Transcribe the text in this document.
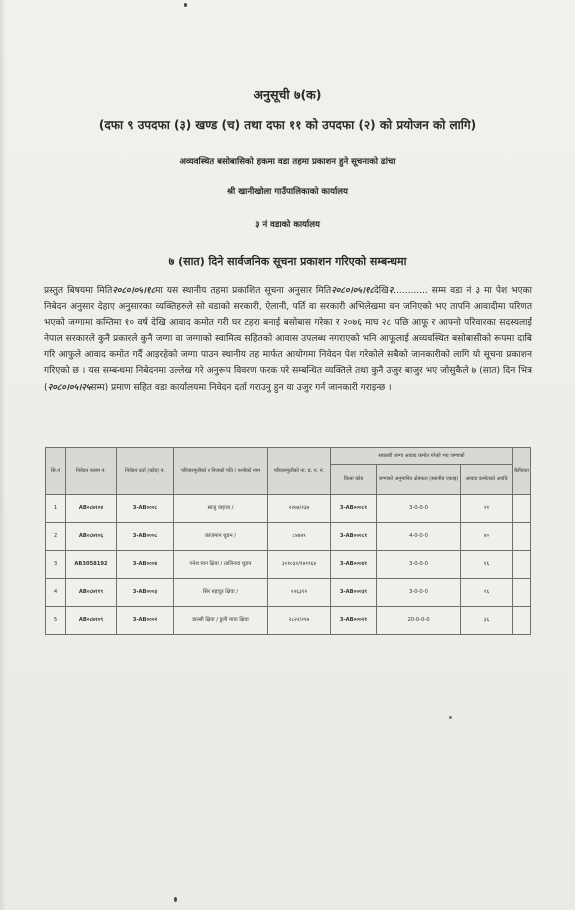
अनुसूची ७(क)
(दफा ९ उपदफा (३) खण्ड (च) तथा दफा ११ को उपदफा (२) को प्रयोजन को लागि)
अव्यवस्थित बसोबासिको हकमा वडा तहमा प्रकाशन हुने सूचनाको ढांचा
श्री खानीखोला गाउँपालिकाको कार्यालय
३ नं वडाको कार्यालय
७ (सात) दिने सार्वजनिक सूचना प्रकाशन गरिएको सम्बन्धमा
प्रस्तुत बिषयमा मिति२०८०।०५।१८मा यस स्थानीय तहमा प्रकाशित सूचना अनुसार मिति२०८०।०५।१८देखि२............ सम्म वडा नं ३ मा पेश भएका निबेदन अनुसार देहाए अनुसारका व्यक्तिहरुले सो वडाको सरकारी, ऐलानी, पर्ति वा सरकारी अभिलेखमा वन जनिएको भए तापनि आवादीमा परिणत भएको जग्गामा कम्तिमा १० वर्ष देखि आवाद कमोत गरी घर टहरा बनाई बसोबास गरेका र २०७६ माघ २८ पछि आफू र आफ्नो परिवारका सदस्यलाई नेपाल सरकारले कुनै प्रकारले कुनै जग्गा वा जग्गाको स्वामित्व सहितको आवास उपलब्ध नगराएको भनि आफूलाई अव्यवस्थित बसोबासीको रूपमा दाबि गरि आफुले आवाद कमोत गर्दै आइरहेको जग्गा पाउन स्थानीय तह मार्फत आयोगमा निवेदन पेश गरेकोले सबैको जानकारीको लागि यो सूचना प्रकाशन गरिएको छ । यस सम्बन्धमा निबेदनमा उल्लेख गरे अनुरूप विवरण फरक परे सम्बन्धित व्यक्तिले तथा कुनै उजुर बाजुर भए जोसुकैले ७ (सात) दिन भित्र (२०८०।०५।२५सम्म) प्रमाण सहित वडा कार्यालयमा निवेदन दर्ता गराउनु हुन वा उजुर गर्न जानकारी गराइन्छ ।
सि.नं	निवेदन फारम नं.	निवेदन दर्ता (कोड) नं.	परिवारमूलीको र निजको पति / पत्नीको नाम	परिवारमूलीको ना. प्र. प. नं.	सरकारी जग्गा आवाद कमोत गरेको भए जग्गाको			कैफियत
					कित्ता कोड	जग्गाको अनुमानित क्षेत्रफल (स्थानीय एकाइ)	आवाद कमोतको अवधि	
1	AB०८७१०४	3-AB०००८	साजु याइजा /	२२७७/२३७	3-AB०००८१	3-0-0-0	२१	
2	AB०८७१०६	3-AB०००८	काजमान थुङन /	८४७४९	3-AB०००८१	4-0-0-0	४०	
3	AB3058192	3-AB०००४	गनेश मान क्षिवा / तालिनया थुङन	३०१०३२/१७९९६४	3-AB०००४१	3-0-0-0	१६	
4	AB०८७११९	3-AB०००३	सिर बहादुर क्षिवा /	१२६३१२	3-AB०००३१	3-0-0-0	१६	
5	AB०८७१०९	3-AB०००२	डाल्सी क्षिवा / डुली माया क्षिवा	२८२२/२१७	3-AB०००२१	20-0-0-0	३६	
